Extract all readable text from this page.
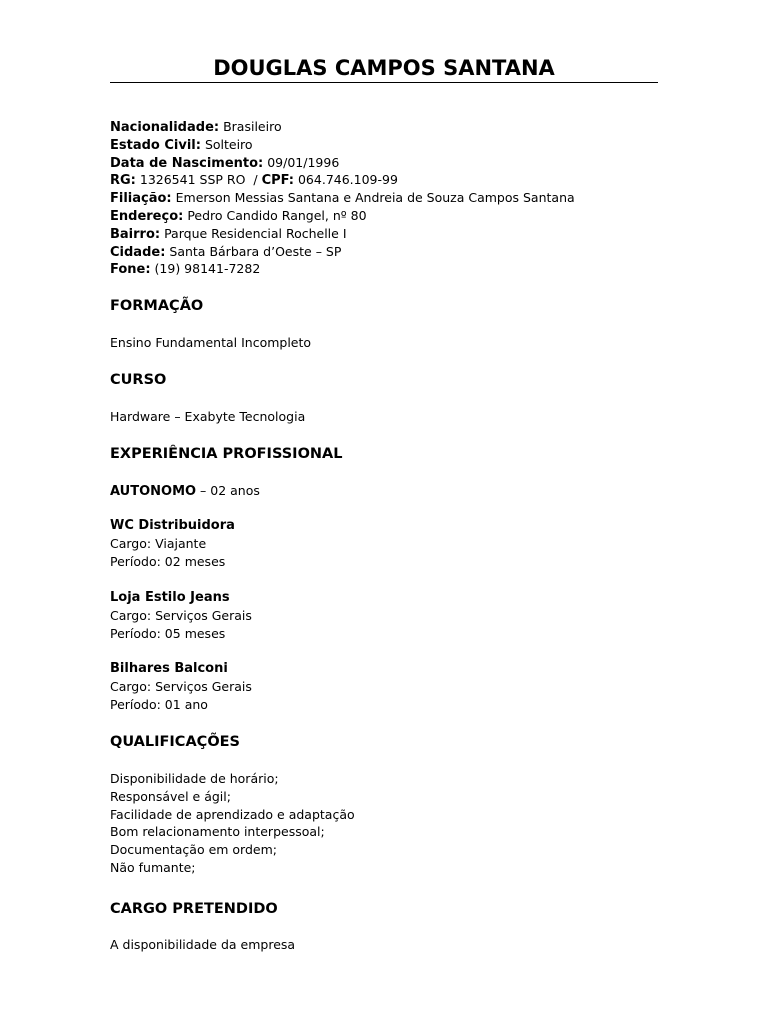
DOUGLAS CAMPOS SANTANA
Nacionalidade: Brasileiro
Estado Civil: Solteiro
Data de Nascimento: 09/01/1996
RG: 1326541 SSP RO  / CPF: 064.746.109-99
Filiação: Emerson Messias Santana e Andreia de Souza Campos Santana
Endereço: Pedro Candido Rangel, nº 80
Bairro: Parque Residencial Rochelle I
Cidade: Santa Bárbara d’Oeste – SP
Fone: (19) 98141-7282
FORMAÇÃO
Ensino Fundamental Incompleto
CURSO
Hardware – Exabyte Tecnologia
EXPERIÊNCIA PROFISSIONAL
AUTONOMO – 02 anos
WC Distribuidora
Cargo: Viajante
Período: 02 meses
Loja Estilo Jeans
Cargo: Serviços Gerais
Período: 05 meses
Bilhares Balconi
Cargo: Serviços Gerais
Período: 01 ano
QUALIFICAÇÕES
Disponibilidade de horário;
Responsável e ágil;
Facilidade de aprendizado e adaptação
Bom relacionamento interpessoal;
Documentação em ordem;
Não fumante;
CARGO PRETENDIDO
A disponibilidade da empresa
